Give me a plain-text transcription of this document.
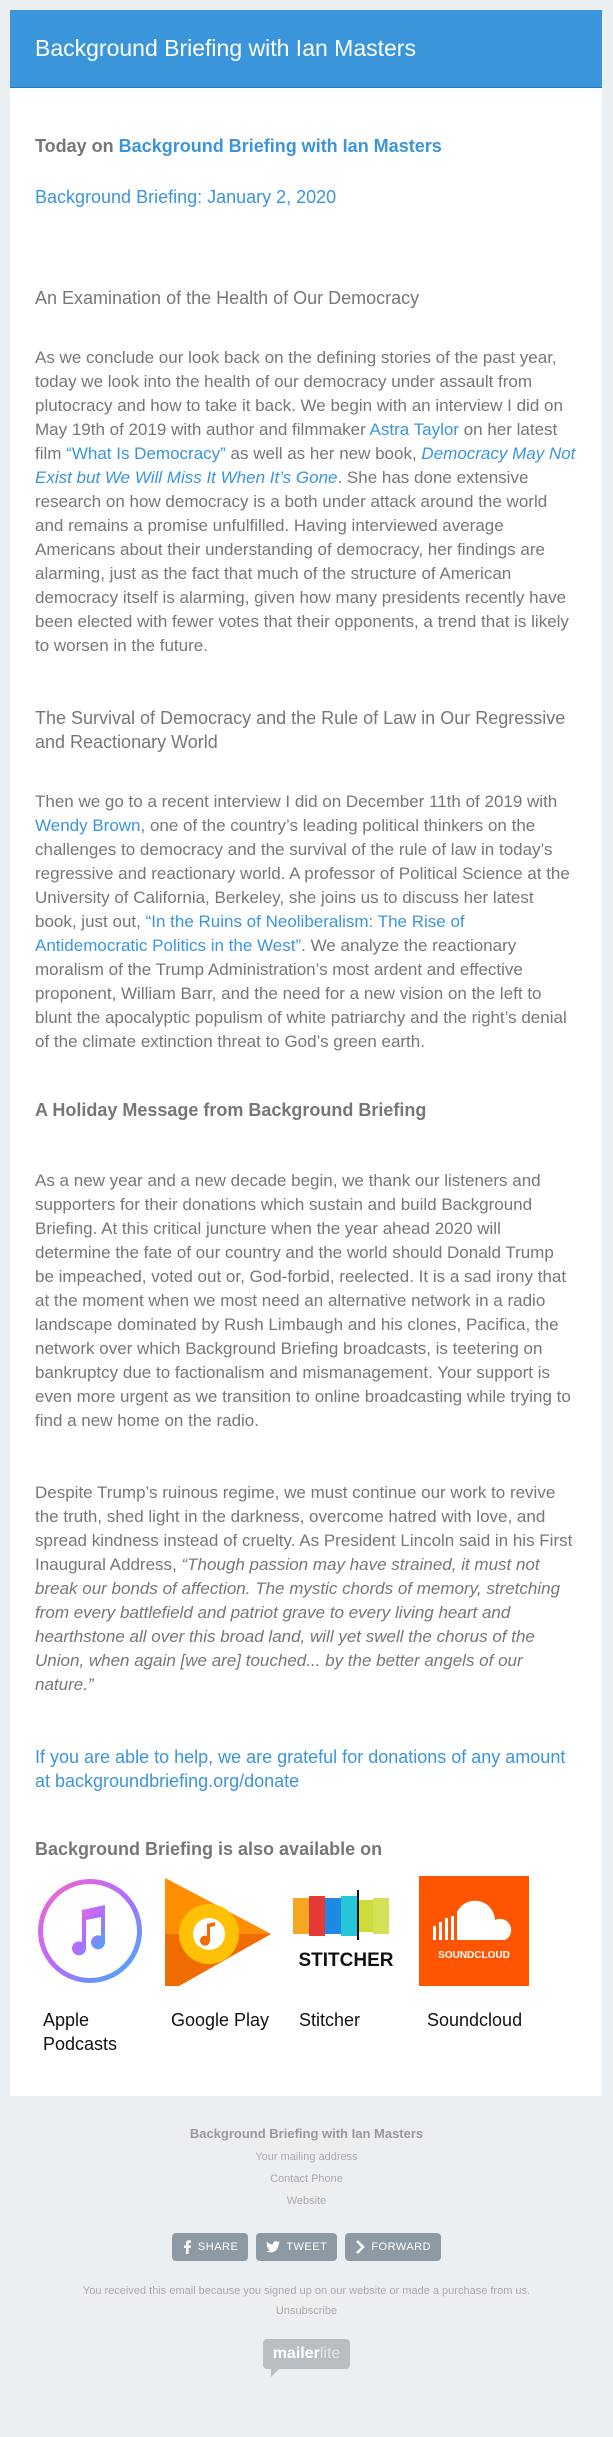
Background Briefing with Ian Masters
Today on Background Briefing with Ian Masters
Background Briefing: January 2, 2020
An Examination of the Health of Our Democracy

As we conclude our look back on the defining stories of the past year, today we look into the health of our democracy under assault from plutocracy and how to take it back. We begin with an interview I did on May 19th of 2019 with author and filmmaker Astra Taylor on her latest film “What Is Democracy” as well as her new book, Democracy May Not Exist but We Will Miss It When It’s Gone. She has done extensive research on how democracy is a both under attack around the world and remains a promise unfulfilled. Having interviewed average Americans about their understanding of democracy, her findings are alarming, just as the fact that much of the structure of American democracy itself is alarming, given how many presidents recently have been elected with fewer votes that their opponents, a trend that is likely to worsen in the future.

The Survival of Democracy and the Rule of Law in Our Regressive and Reactionary World

Then we go to a recent interview I did on December 11th of 2019 with Wendy Brown, one of the country’s leading political thinkers on the challenges to democracy and the survival of the rule of law in today’s regressive and reactionary world. A professor of Political Science at the University of California, Berkeley, she joins us to discuss her latest book, just out, “In the Ruins of Neoliberalism: The Rise of Antidemocratic Politics in the West”. We analyze the reactionary moralism of the Trump Administration’s most ardent and effective proponent, William Barr, and the need for a new vision on the left to blunt the apocalyptic populism of white patriarchy and the right’s denial of the climate extinction threat to God’s green earth.

A Holiday Message from Background Briefing

As a new year and a new decade begin, we thank our listeners and supporters for their donations which sustain and build Background Briefing. At this critical juncture when the year ahead 2020 will determine the fate of our country and the world should Donald Trump be impeached, voted out or, God-forbid, reelected. It is a sad irony that at the moment when we most need an alternative network in a radio landscape dominated by Rush Limbaugh and his clones, Pacifica, the network over which Background Briefing broadcasts, is teetering on bankruptcy due to factionalism and mismanagement. Your support is even more urgent as we transition to online broadcasting while trying to find a new home on the radio.

Despite Trump’s ruinous regime, we must continue our work to revive the truth, shed light in the darkness, overcome hatred with love, and spread kindness instead of cruelty. As President Lincoln said in his First Inaugural Address, “Though passion may have strained, it must not break our bonds of affection. The mystic chords of memory, stretching from every battlefield and patriot grave to every living heart and hearthstone all over this broad land, will yet swell the chorus of the Union, when again [we are] touched... by the better angels of our nature.”

If you are able to help, we are grateful for donations of any amount at backgroundbriefing.org/donate

Background Briefing is also available on
Apple Podcasts
Google Play
STITCHER
Stitcher
SOUNDCLOUD
Soundcloud
Background Briefing with Ian Masters
Your mailing address
Contact Phone
Website
SHARE	TWEET	FORWARD
You received this email because you signed up on our website or made a purchase from us.
Unsubscribe
mailerlite
